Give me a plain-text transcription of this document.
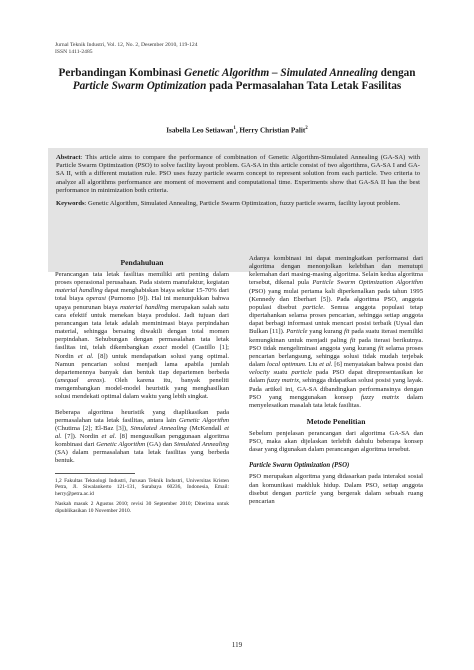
Jurnal Teknik Industri, Vol. 12, No. 2, Desember 2010, 119-124
ISSN 1411-2485
Perbandingan Kombinasi Genetic Algorithm – Simulated Annealing dengan Particle Swarm Optimization pada Permasalahan Tata Letak Fasilitas
Isabella Leo Setiawan$^1$, Herry Christian Palit$^2$

Abstract: This article aims to compare the performance of combination of Genetic Algorithm-Simulated Annealing (GA-SA) with Particle Swarm Optimization (PSO) to solve facility layout problem. GA-SA in this article consist of two algorithms, GA-SA I and GA-SA II, with a different mutation rule. PSO uses fuzzy particle swarm concept to represent solution from each particle. Two criteria to analyze all algorithms performance are moment of movement and computational time. Experiments show that GA-SA II has the best performance in minimization both criteria.

Keywords: Genetic Algorithm, Simulated Annealing, Particle Swarm Optimization, fuzzy particle swarm, facility layout problem.

Pendahuluan

Perancangan tata letak fasilitas memiliki arti penting dalam proses operasional perusahaan. Pada sistem manufaktur, kegiatan material handling dapat menghabiskan biaya sekitar 15-70% dari total biaya operasi (Purnomo [9]). Hal ini menunjukkan bahwa upaya penurunan biaya material handling merupakan salah satu cara efektif untuk menekan biaya produksi. Jadi tujuan dari perancangan tata letak adalah meminimasi biaya perpindahan material, sehingga bersaing diwakili dengan total momen perpindahan. Sehubungan dengan permasalahan tata letak fasilitas ini, telah dikembangkan exact model (Castillo [1]; Nordin et al. [8]) untuk mendapatkan solusi yang optimal. Namun pencarian solusi menjadi lama apabila jumlah departemennya banyak dan bentuk tiap departemen berbeda (unequal areas). Oleh karena itu, banyak peneliti mengembangkan model-model heuristik yang menghasilkan solusi mendekati optimal dalam waktu yang lebih singkat.

Beberapa algoritma heuristik yang diaplikasikan pada permasalahan tata letak fasilitas, antara lain Genetic Algorithm (Chutima [2]; El-Baz [3]), Simulated Annealing (McKendall et al. [7]). Nordin et al. [8] mengusulkan penggunaan algoritma kombinasi dari Genetic Algorithm (GA) dan Simulated Annealing (SA) dalam permasalahan tata letak fasilitas yang berbeda bentuk.

1,2 Fakultas Teknologi Industri, Jurusan Teknik Industri, Universitas Kristen Petra, Jl. Siwalankerto 121-131, Surabaya 60236, Indonesia, Email: herry@petra.ac.id

Naskah masuk 2 Agustus 2010; revisi 30 September 2010; Diterima untuk dipublikasikan 10 November 2010.

Adanya kombinasi ini dapat meningkatkan performansi dari algoritma dengan menonjolkan kelebihan dan menutupi kelemahan dari masing-masing algoritma. Selain kedua algoritma tersebut, dikenal pula Particle Swarm Optimization Algorithm (PSO) yang mulai pertama kali diperkenalkan pada tahun 1995 (Kennedy dan Eberhart [5]). Pada algoritma PSO, anggota populasi disebut particle. Semua anggota populasi tetap dipertahankan selama proses pencarian, sehingga setiap anggota dapat berbagi informasi untuk mencari posisi terbaik (Uysal dan Bulkan [11]). Particle yang kurang fit pada suatu iterasi memiliki kemungkinan untuk menjadi paling fit pada iterasi berikutnya. PSO tidak mengeliminasi anggota yang kurang fit selama proses pencarian berlangsung, sehingga solusi tidak mudah terjebak dalam local optimum. Liu et al. [6] menyatakan bahwa posisi dan velocity suatu particle pada PSO dapat direpresentasikan ke dalam fuzzy matrix, sehingga didapatkan solusi posisi yang layak. Pada artikel ini, GA-SA dibandingkan performansinya dengan PSO yang menggunakan konsep fuzzy matrix dalam menyelesaikan masalah tata letak fasilitas.

Metode Penelitian

Sebelum penjelasan perancangan dari algoritma GA-SA dan PSO, maka akan dijelaskan terlebih dahulu beberapa konsep dasar yang digunakan dalam perancangan algoritma tersebut.

Particle Swarm Optimization (PSO)

PSO merupakan algoritma yang didasarkan pada interaksi sosial dan komunikasi makhluk hidup. Dalam PSO, setiap anggota disebut dengan particle yang bergerak dalam sebuah ruang pencarian

119
